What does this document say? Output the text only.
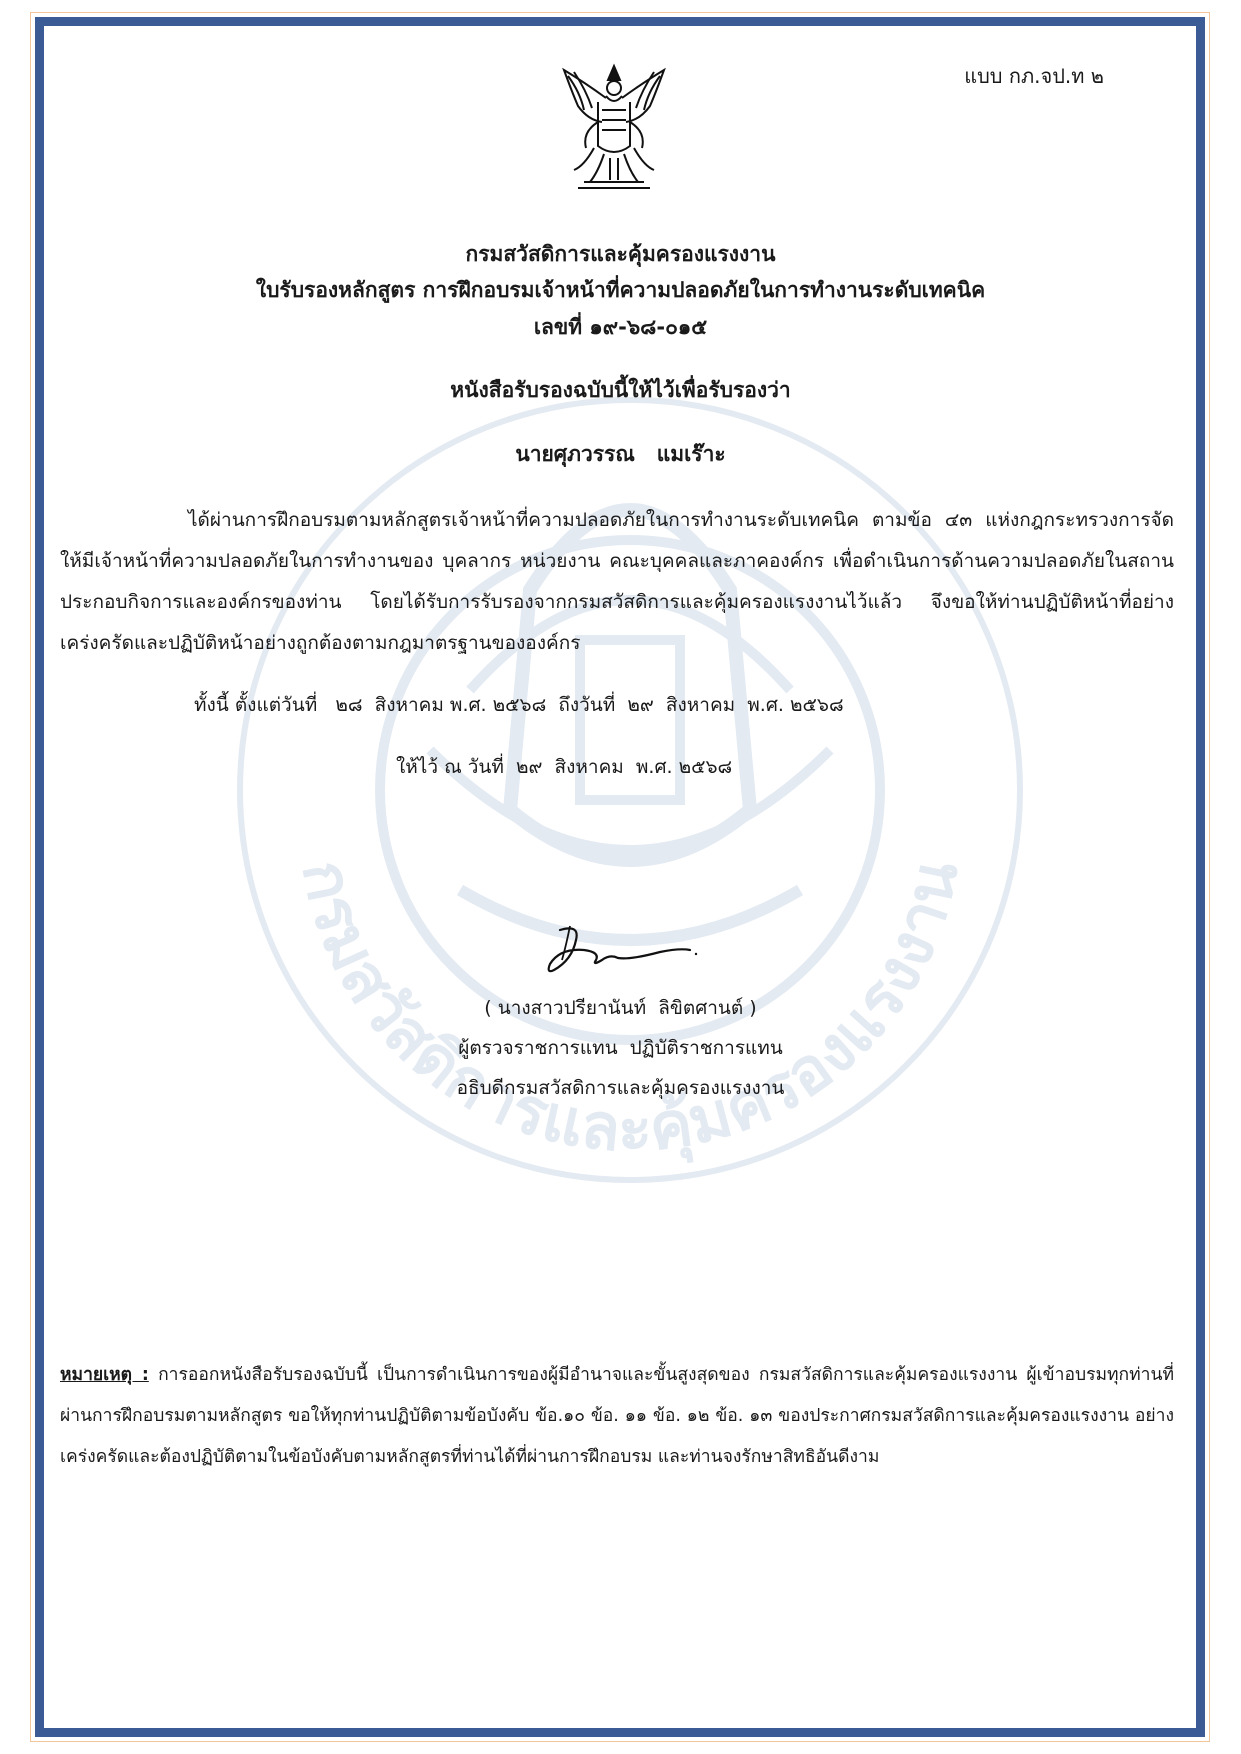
แบบ กภ.จป.ท ๒
กรมสวัสดิการและคุ้มครองแรงงาน
กรมสวัสดิการและคุ้มครองแรงงาน
ใบรับรองหลักสูตร การฝึกอบรมเจ้าหน้าที่ความปลอดภัยในการทำงานระดับเทคนิค
เลขที่ ๑๙-๖๘-๐๑๕
หนังสือรับรองฉบับนี้ให้ไว้เพื่อรับรองว่า
นายศุภวรรณ   แมเร๊าะ
ได้ผ่านการฝึกอบรมตามหลักสูตรเจ้าหน้าที่ความปลอดภัยในการทำงานระดับเทคนิค ตามข้อ ๔๓ แห่งกฎกระทรวงการจัดให้มีเจ้าหน้าที่ความปลอดภัยในการทำงานของ บุคลากร หน่วยงาน คณะบุคคลและภาคองค์กร เพื่อดำเนินการด้านความปลอดภัยในสถานประกอบกิจการและองค์กรของท่าน โดยได้รับการรับรองจากกรมสวัสดิการและคุ้มครองแรงงานไว้แล้ว จึงขอให้ท่านปฏิบัติหน้าที่อย่างเคร่งครัดและปฏิบัติหน้าอย่างถูกต้องตามกฎมาตรฐานขององค์กร
ทั้งนี้ ตั้งแต่วันที่   ๒๘  สิงหาคม พ.ศ. ๒๕๖๘  ถึงวันที่  ๒๙  สิงหาคม  พ.ศ. ๒๕๖๘
ให้ไว้ ณ วันที่  ๒๙  สิงหาคม  พ.ศ. ๒๕๖๘
( นางสาวปรียานันท์  ลิขิตศานต์ )
ผู้ตรวจราชการแทน  ปฏิบัติราชการแทน
อธิบดีกรมสวัสดิการและคุ้มครองแรงงาน
หมายเหตุ : การออกหนังสือรับรองฉบับนี้ เป็นการดำเนินการของผู้มีอำนาจและขั้นสูงสุดของ กรมสวัสดิการและคุ้มครองแรงงาน ผู้เข้าอบรมทุกท่านที่ผ่านการฝึกอบรมตามหลักสูตร ขอให้ทุกท่านปฏิบัติตามข้อบังคับ ข้อ.๑๐ ข้อ. ๑๑ ข้อ. ๑๒ ข้อ. ๑๓ ของประกาศกรมสวัสดิการและคุ้มครองแรงงาน อย่างเคร่งครัดและต้องปฏิบัติตามในข้อบังคับตามหลักสูตรที่ท่านได้ที่ผ่านการฝึกอบรม และท่านจงรักษาสิทธิอันดีงาม
